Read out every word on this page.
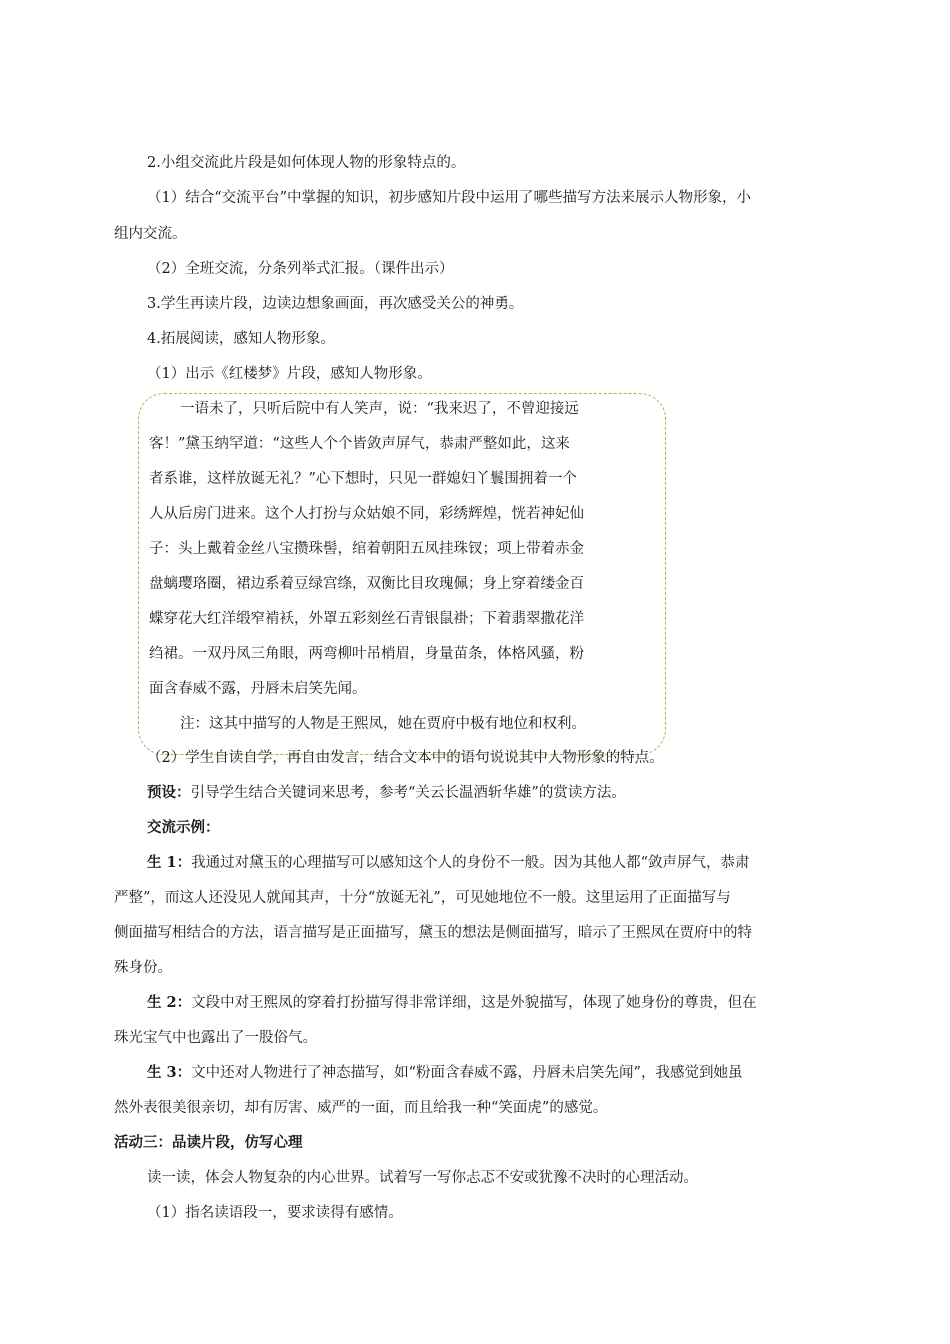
2.小组交流此片段是如何体现人物的形象特点的。
（1）结合“交流平台”中掌握的知识，初步感知片段中运用了哪些描写方法来展示人物形象，小
组内交流。
（2）全班交流，分条列举式汇报。（课件出示）
3.学生再读片段，边读边想象画面，再次感受关公的神勇。
4.拓展阅读，感知人物形象。
（1）出示《红楼梦》片段，感知人物形象。
一语未了，只听后院中有人笑声，说：“我来迟了，不曾迎接远
客！”黛玉纳罕道：“这些人个个皆敛声屏气，恭肃严整如此，这来
者系谁，这样放诞无礼？”心下想时，只见一群媳妇丫鬟围拥着一个
人从后房门进来。这个人打扮与众姑娘不同，彩绣辉煌，恍若神妃仙
子：头上戴着金丝八宝攒珠髻，绾着朝阳五凤挂珠钗；项上带着赤金
盘螭璎珞圈，裙边系着豆绿宫绦，双衡比目玫瑰佩；身上穿着缕金百
蝶穿花大红洋缎窄褃袄，外罩五彩刻丝石青银鼠褂；下着翡翠撒花洋
绉裙。一双丹凤三角眼，两弯柳叶吊梢眉，身量苗条，体格风骚，粉
面含春威不露，丹唇未启笑先闻。
注：这其中描写的人物是王熙凤，她在贾府中极有地位和权利。
（2）学生自读自学，再自由发言，结合文本中的语句说说其中人物形象的特点。
预设：引导学生结合关键词来思考，参考“关云长温酒斩华雄”的赏读方法。
交流示例：
生 1：我通过对黛玉的心理描写可以感知这个人的身份不一般。因为其他人都“敛声屏气，恭肃
严整”，而这人还没见人就闻其声，十分“放诞无礼”，可见她地位不一般。这里运用了正面描写与
侧面描写相结合的方法，语言描写是正面描写，黛玉的想法是侧面描写，暗示了王熙凤在贾府中的特
殊身份。
生 2：文段中对王熙凤的穿着打扮描写得非常详细，这是外貌描写，体现了她身份的尊贵，但在
珠光宝气中也露出了一股俗气。
生 3：文中还对人物进行了神态描写，如“粉面含春威不露，丹唇未启笑先闻”，我感觉到她虽
然外表很美很亲切，却有厉害、威严的一面，而且给我一种“笑面虎”的感觉。
活动三：品读片段，仿写心理
读一读，体会人物复杂的内心世界。试着写一写你忐忑不安或犹豫不决时的心理活动。
（1）指名读语段一，要求读得有感情。
